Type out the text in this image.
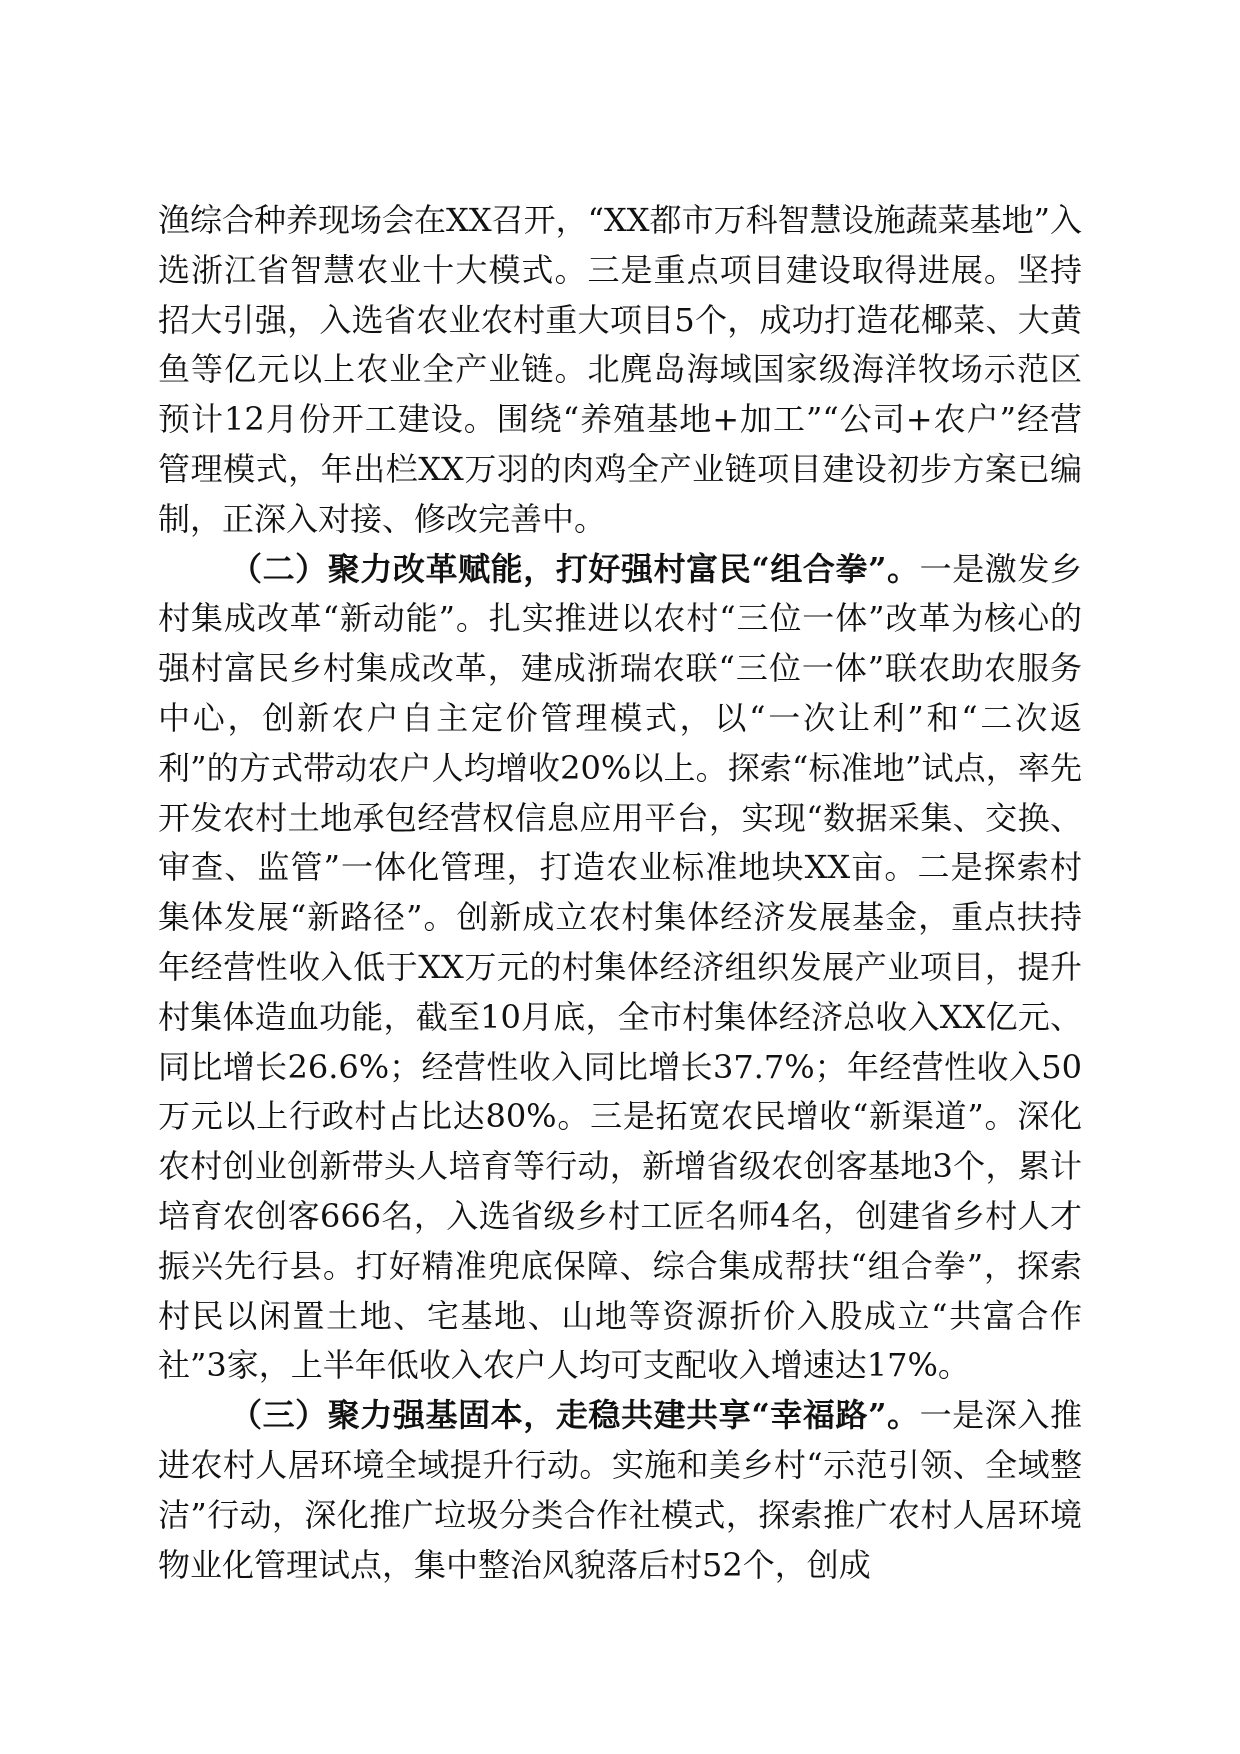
渔综合种养现场会在XX召开，“XX都市万科智慧设施蔬菜基地”入选浙江省智慧农业十大模式。三是重点项目建设取得进展。坚持招大引强，入选省农业农村重大项目5个，成功打造花椰菜、大黄鱼等亿元以上农业全产业链。北麂岛海域国家级海洋牧场示范区预计12月份开工建设。围绕“养殖基地+加工”“公司+农户”经营管理模式，年出栏XX万羽的肉鸡全产业链项目建设初步方案已编制，正深入对接、修改完善中。

（二）聚力改革赋能，打好强村富民“组合拳”。一是激发乡村集成改革“新动能”。扎实推进以农村“三位一体”改革为核心的强村富民乡村集成改革，建成浙瑞农联“三位一体”联农助农服务中心，创新农户自主定价管理模式，以“一次让利”和“二次返利”的方式带动农户人均增收20%以上。探索“标准地”试点，率先开发农村土地承包经营权信息应用平台，实现“数据采集、交换、审查、监管”一体化管理，打造农业标准地块XX亩。二是探索村集体发展“新路径”。创新成立农村集体经济发展基金，重点扶持年经营性收入低于XX万元的村集体经济组织发展产业项目，提升村集体造血功能，截至10月底，全市村集体经济总收入XX亿元、同比增长26.6%；经营性收入同比增长37.7%；年经营性收入50万元以上行政村占比达80%。三是拓宽农民增收“新渠道”。深化农村创业创新带头人培育等行动，新增省级农创客基地3个，累计培育农创客666名，入选省级乡村工匠名师4名，创建省乡村人才振兴先行县。打好精准兜底保障、综合集成帮扶“组合拳”，探索村民以闲置土地、宅基地、山地等资源折价入股成立“共富合作社”3家，上半年低收入农户人均可支配收入增速达17%。

（三）聚力强基固本，走稳共建共享“幸福路”。一是深入推进农村人居环境全域提升行动。实施和美乡村“示范引领、全域整洁”行动，深化推广垃圾分类合作社模式，探索推广农村人居环境物业化管理试点，集中整治风貌落后村52个，创成
